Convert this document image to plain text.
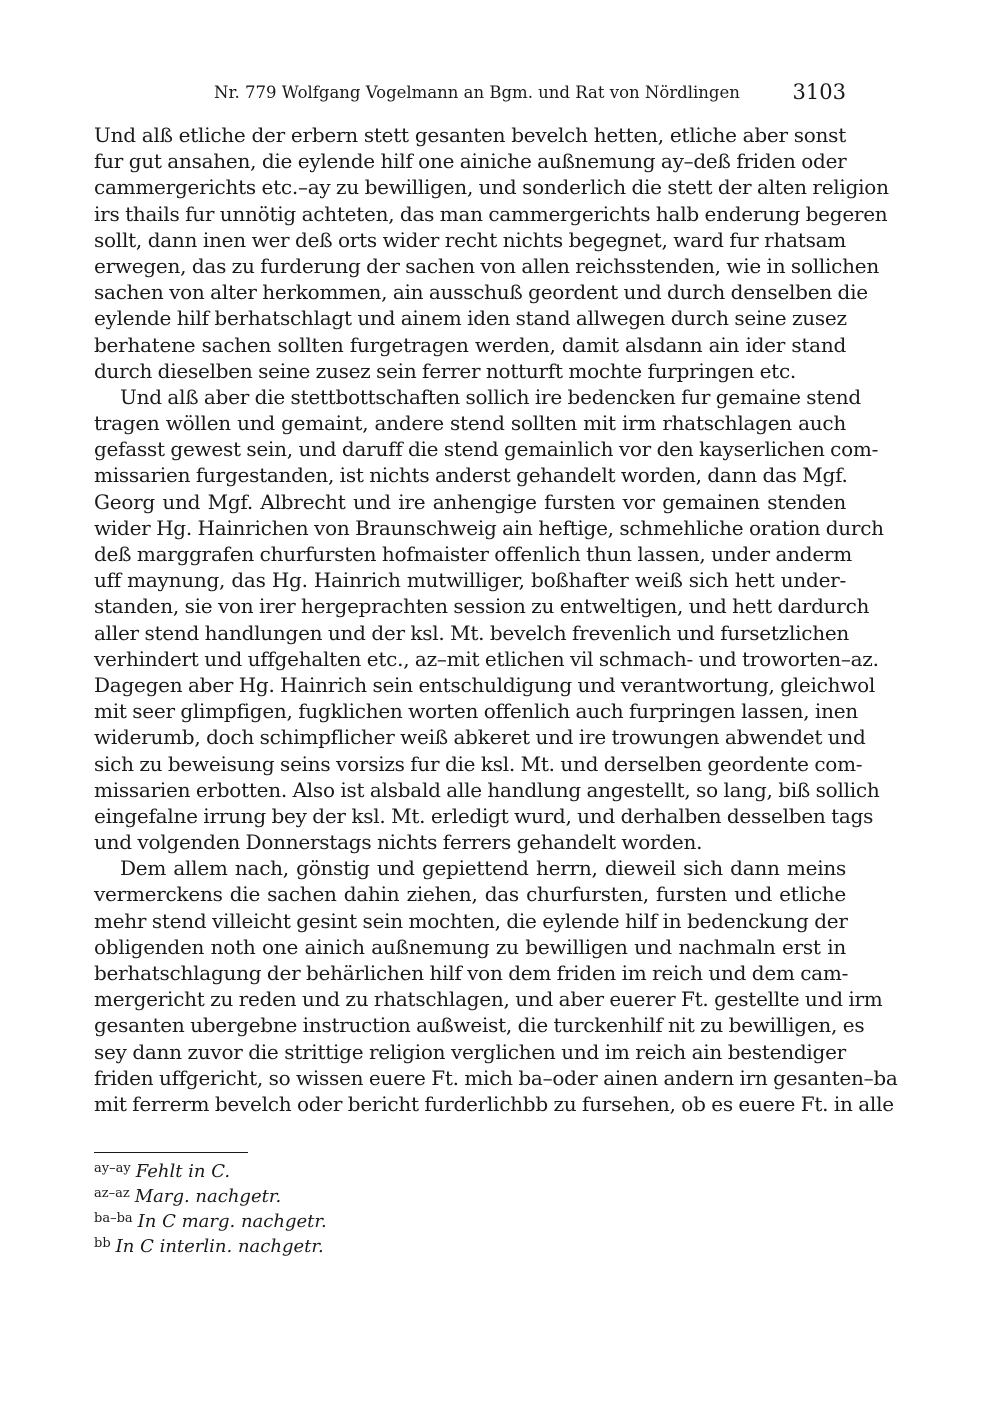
Nr. 779 Wolfgang Vogelmann an Bgm. und Rat von Nördlingen	3103
Und alß etliche der erbern stett gesanten bevelch hetten, etliche aber sonst
fur gut ansahen, die eylende hilf one ainiche außnemung ay–deß friden oder
cammergerichts etc.–ay zu bewilligen, und sonderlich die stett der alten religion
irs thails fur unnötig achteten, das man cammergerichts halb enderung begeren
sollt, dann inen wer deß orts wider recht nichts begegnet, ward fur rhatsam
erwegen, das zu furderung der sachen von allen reichsstenden, wie in sollichen
sachen von alter herkommen, ain ausschuß geordent und durch denselben die
eylende hilf berhatschlagt und ainem iden stand allwegen durch seine zusez
berhatene sachen sollten furgetragen werden, damit alsdann ain ider stand
durch dieselben seine zusez sein ferrer notturft mochte furpringen etc.
Und alß aber die stettbottschaften sollich ire bedencken fur gemaine stend
tragen wöllen und gemaint, andere stend sollten mit irm rhatschlagen auch
gefasst gewest sein, und daruff die stend gemainlich vor den kayserlichen com-
missarien furgestanden, ist nichts anderst gehandelt worden, dann das Mgf.
Georg und Mgf. Albrecht und ire anhengige fursten vor gemainen stenden
wider Hg. Hainrichen von Braunschweig ain heftige, schmehliche oration durch
deß marggrafen churfursten hofmaister offenlich thun lassen, under anderm
uff maynung, das Hg. Hainrich mutwilliger, boßhafter weiß sich hett under-
standen, sie von irer hergeprachten session zu entweltigen, und hett dardurch
aller stend handlungen und der ksl. Mt. bevelch frevenlich und fursetzlichen
verhindert und uffgehalten etc., az–mit etlichen vil schmach- und troworten–az.
Dagegen aber Hg. Hainrich sein entschuldigung und verantwortung, gleichwol
mit seer glimpfigen, fugklichen worten offenlich auch furpringen lassen, inen
widerumb, doch schimpflicher weiß abkeret und ire trowungen abwendet und
sich zu beweisung seins vorsizs fur die ksl. Mt. und derselben geordente com-
missarien erbotten. Also ist alsbald alle handlung angestellt, so lang, biß sollich
eingefalne irrung bey der ksl. Mt. erledigt wurd, und derhalben desselben tags
und volgenden Donnerstags nichts ferrers gehandelt worden.
Dem allem nach, gönstig und gepiettend herrn, dieweil sich dann meins
vermerckens die sachen dahin ziehen, das churfursten, fursten und etliche
mehr stend villeicht gesint sein mochten, die eylende hilf in bedenckung der
obligenden noth one ainich außnemung zu bewilligen und nachmaln erst in
berhatschlagung der behärlichen hilf von dem friden im reich und dem cam-
mergericht zu reden und zu rhatschlagen, und aber euerer Ft. gestellte und irm
gesanten ubergebne instruction außweist, die turckenhilf nit zu bewilligen, es
sey dann zuvor die strittige religion verglichen und im reich ain bestendiger
friden uffgericht, so wissen euere Ft. mich ba–oder ainen andern irn gesanten–ba
mit ferrerm bevelch oder bericht furderlichbb zu fursehen, ob es euere Ft. in alle
$^{ay-ay}$ Fehlt in C.
$^{az-az}$ Marg. nachgetr.
$^{ba-ba}$ In C marg. nachgetr.
$^{bb}$ In C interlin. nachgetr.
